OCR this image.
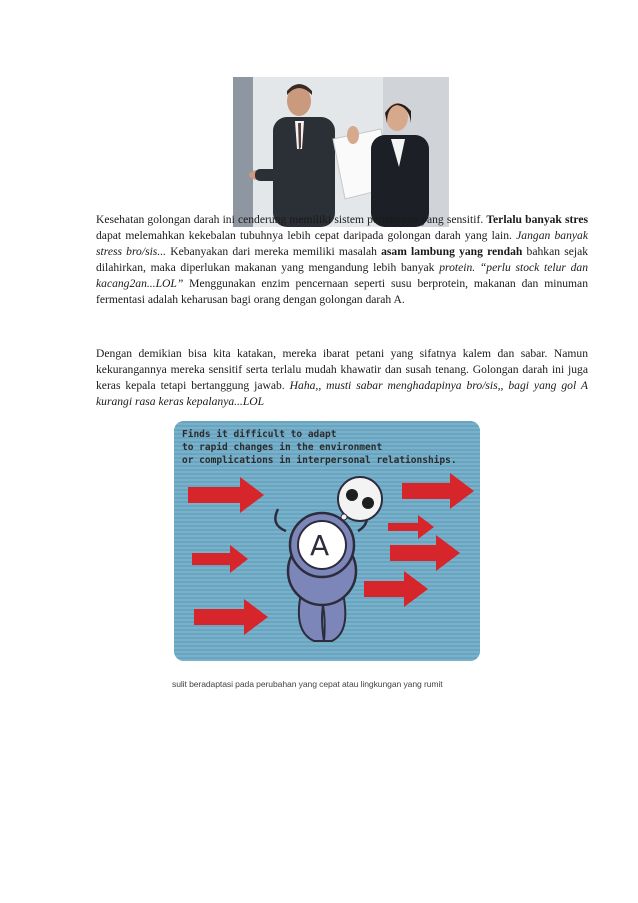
Kesehatan golongan darah ini cenderung memiliki sistem pertahanan yang sensitif. Terlalu banyak stres dapat melemahkan kekebalan tubuhnya lebih cepat daripada golongan darah yang lain. Jangan banyak stress bro/sis... Kebanyakan dari mereka memiliki masalah asam lambung yang rendah bahkan sejak dilahirkan, maka diperlukan makanan yang mengandung lebih banyak protein. “perlu stock telur dan kacang2an...LOL” Menggunakan enzim pencernaan seperti susu berprotein, makanan dan minuman fermentasi adalah keharusan bagi orang dengan golongan darah A.
Dengan demikian bisa kita katakan, mereka ibarat petani yang sifatnya kalem dan sabar. Namun kekurangannya mereka sensitif serta terlalu mudah khawatir dan susah tenang. Golongan darah ini juga keras kepala tetapi bertanggung jawab. Haha,, musti sabar menghadapinya bro/sis,, bagi yang gol A kurangi rasa keras kepalanya...LOL
A
Finds it difficult to adapt
to rapid changes in the environment
or complications in interpersonal relationships.
sulit beradaptasi pada perubahan yang cepat atau lingkungan yang rumit
